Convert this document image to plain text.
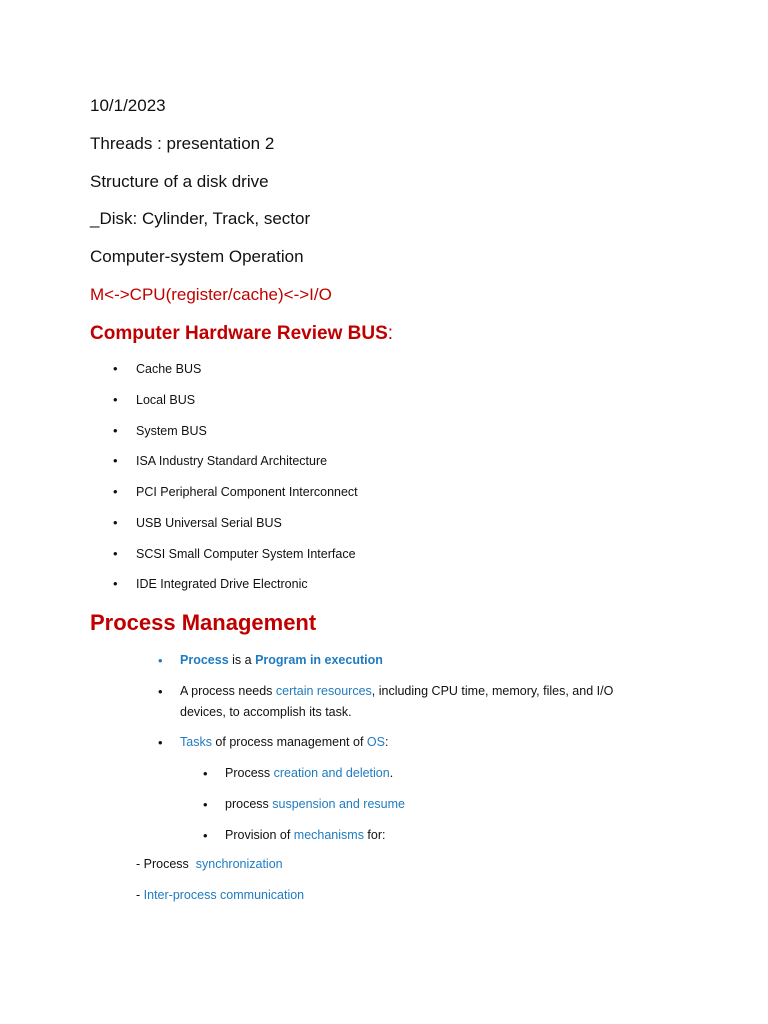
10/1/2023
Threads : presentation 2
Structure of a disk drive
_Disk: Cylinder, Track, sector
Computer-system Operation
M<->CPU(register/cache)<->I/O
Computer Hardware Review BUS:
• Cache BUS
• Local BUS
• System BUS
• ISA Industry Standard Architecture
• PCI Peripheral Component Interconnect
• USB Universal Serial BUS
• SCSI Small Computer System Interface
• IDE Integrated Drive Electronic
Process Management
• Process is a Program in execution
• A process needs certain resources, including CPU time, memory, files, and I/O
devices, to accomplish its task.
• Tasks of process management of OS:
• Process creation and deletion.
• process suspension and resume
• Provision of mechanisms for:
- Process  synchronization
- Inter-process communication
